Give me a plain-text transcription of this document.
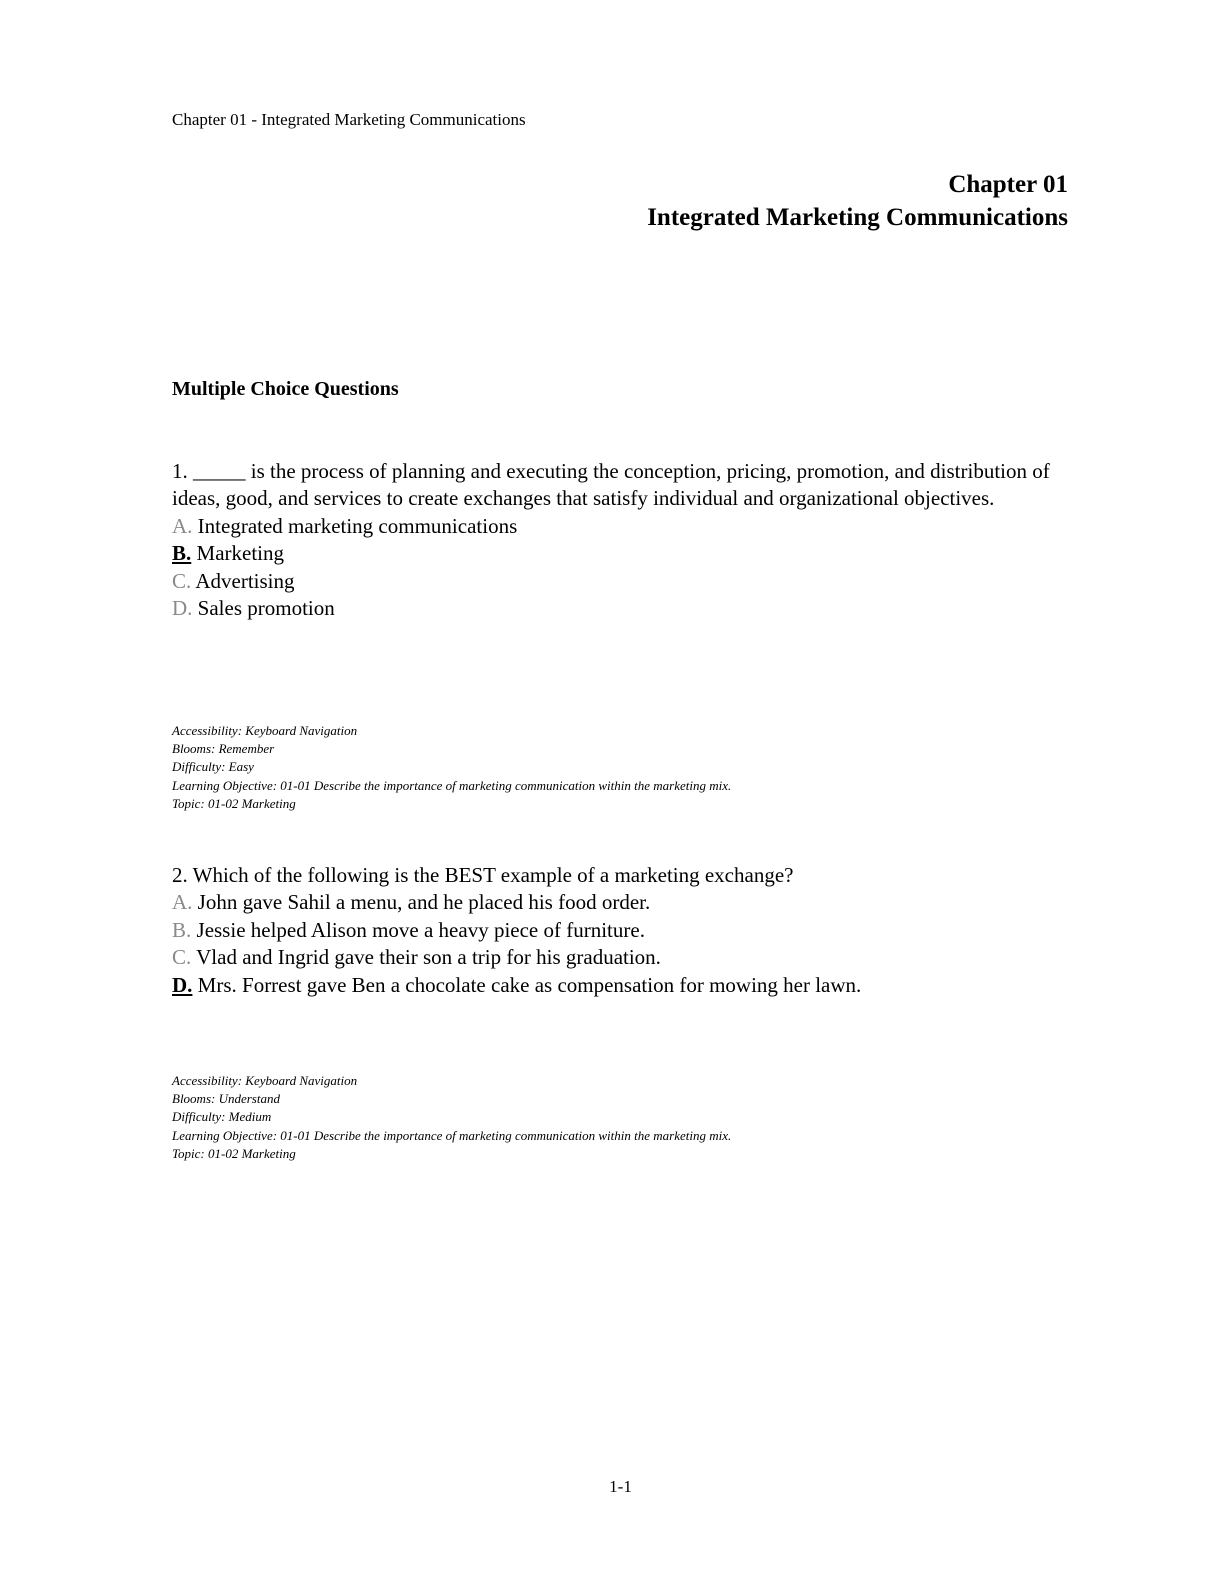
Chapter 01 - Integrated Marketing Communications
Chapter 01
Integrated Marketing Communications
Multiple Choice Questions

1. _____ is the process of planning and executing the conception, pricing, promotion, and distribution of ideas, good, and services to create exchanges that satisfy individual and organizational objectives.

A. Integrated marketing communications

B. Marketing

C. Advertising

D. Sales promotion

Accessibility: Keyboard Navigation
Blooms: Remember
Difficulty: Easy
Learning Objective: 01-01 Describe the importance of marketing communication within the marketing mix.
Topic: 01-02 Marketing

2. Which of the following is the BEST example of a marketing exchange?

A. John gave Sahil a menu, and he placed his food order.

B. Jessie helped Alison move a heavy piece of furniture.

C. Vlad and Ingrid gave their son a trip for his graduation.

D. Mrs. Forrest gave Ben a chocolate cake as compensation for mowing her lawn.

Accessibility: Keyboard Navigation
Blooms: Understand
Difficulty: Medium
Learning Objective: 01-01 Describe the importance of marketing communication within the marketing mix.
Topic: 01-02 Marketing
1-1
